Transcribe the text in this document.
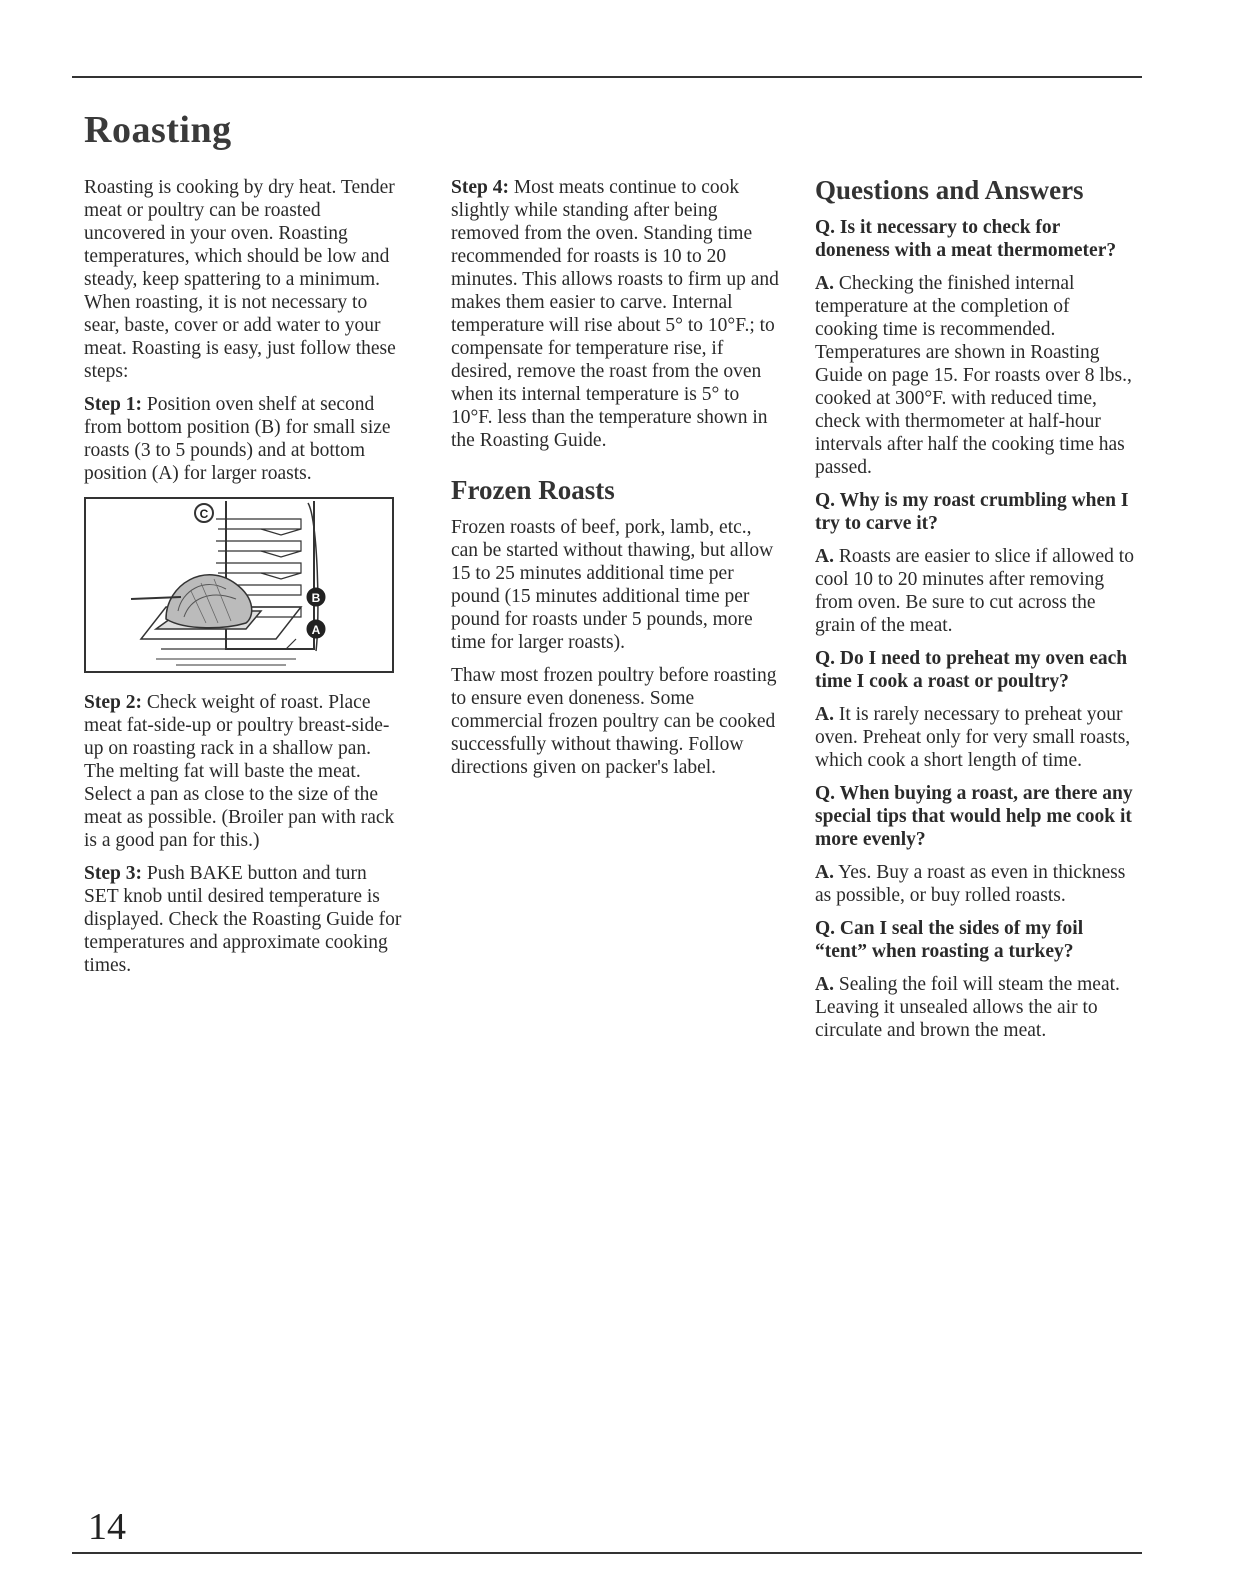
Roasting

Roasting is cooking by dry heat. Tender meat or poultry can be roasted uncovered in your oven. Roasting temperatures, which should be low and steady, keep spattering to a minimum. When roasting, it is not necessary to sear, baste, cover or add water to your meat. Roasting is easy, just follow these steps:

Step 1: Position oven shelf at second from bottom position (B) for small size roasts (3 to 5 pounds) and at bottom position (A) for larger roasts.

C
B
A

Step 2: Check weight of roast. Place meat fat-side-up or poultry breast-side-up on roasting rack in a shallow pan. The melting fat will baste the meat. Select a pan as close to the size of the meat as possible. (Broiler pan with rack is a good pan for this.)

Step 3: Push BAKE button and turn SET knob until desired temperature is displayed. Check the Roasting Guide for temperatures and approximate cooking times.

Step 4: Most meats continue to cook slightly while standing after being removed from the oven. Standing time recommended for roasts is 10 to 20 minutes. This allows roasts to firm up and makes them easier to carve. Internal temperature will rise about 5° to 10°F.; to compensate for temperature rise, if desired, remove the roast from the oven when its internal temperature is 5° to 10°F. less than the temperature shown in the Roasting Guide.

Frozen Roasts

Frozen roasts of beef, pork, lamb, etc., can be started without thawing, but allow 15 to 25 minutes additional time per pound (15 minutes additional time per pound for roasts under 5 pounds, more time for larger roasts).

Thaw most frozen poultry before roasting to ensure even doneness. Some commercial frozen poultry can be cooked successfully without thawing. Follow directions given on packer's label.

Questions and Answers

Q. Is it necessary to check for doneness with a meat thermometer?

A. Checking the finished internal temperature at the completion of cooking time is recommended. Temperatures are shown in Roasting Guide on page 15. For roasts over 8 lbs., cooked at 300°F. with reduced time, check with thermometer at half-hour intervals after half the cooking time has passed.

Q. Why is my roast crumbling when I try to carve it?

A. Roasts are easier to slice if allowed to cool 10 to 20 minutes after removing from oven. Be sure to cut across the grain of the meat.

Q. Do I need to preheat my oven each time I cook a roast or poultry?

A. It is rarely necessary to preheat your oven. Preheat only for very small roasts, which cook a short length of time.

Q. When buying a roast, are there any special tips that would help me cook it more evenly?

A. Yes. Buy a roast as even in thickness as possible, or buy rolled roasts.

Q. Can I seal the sides of my foil “tent” when roasting a turkey?

A. Sealing the foil will steam the meat. Leaving it unsealed allows the air to circulate and brown the meat.

14
